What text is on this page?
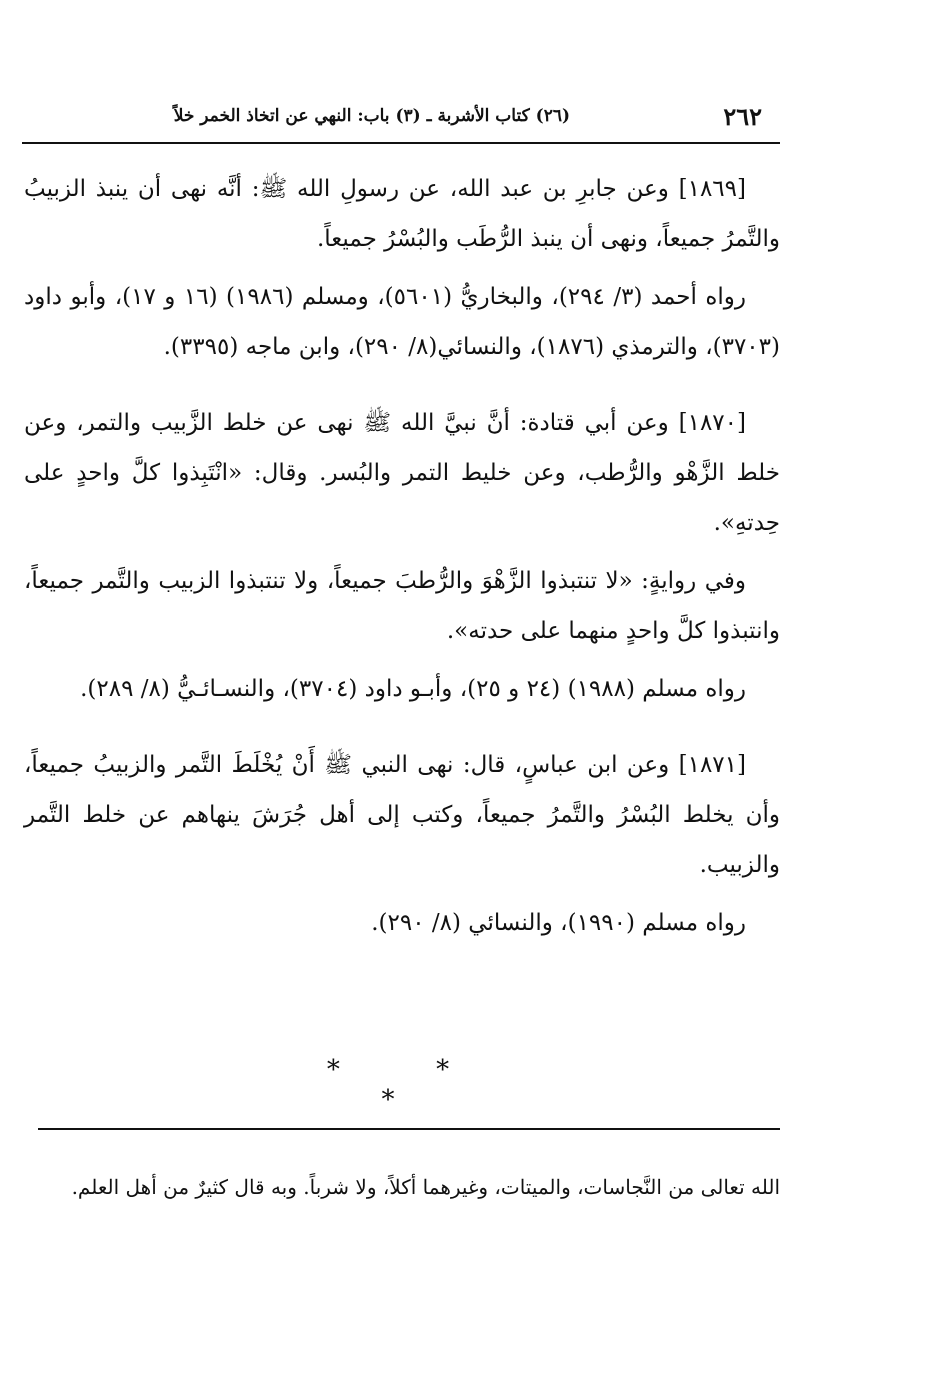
٢٦٢
(٢٦) كتاب الأشربة ـ (٣) باب: النهي عن اتخاذ الخمر خلاً

[١٨٦٩] وعن جابرِ بن عبد الله، عن رسولِ الله ﷺ: أنَّه نهى أن ينبذ الزبيبُ والتَّمرُ جميعاً، ونهى أن ينبذ الرُّطَب والبُسْرُ جميعاً.

رواه أحمد (٣/ ٢٩٤)، والبخاريُّ (٥٦٠١)، ومسلم (١٩٨٦) (١٦ و ١٧)، وأبو داود (٣٧٠٣)، والترمذي (١٨٧٦)، والنسائي(٨/ ٢٩٠)، وابن ماجه (٣٣٩٥).

[١٨٧٠] وعن أبي قتادة: أنَّ نبيَّ الله ﷺ نهى عن خلط الزَّبيب والتمر، وعن خلط الزَّهْو والرُّطب، وعن خليط التمر والبُسر. وقال: «انْتَبِذوا كلَّ واحدٍ على حِدتهِ».

وفي روايةٍ: «لا تنتبذوا الزَّهْوَ والرُّطبَ جميعاً، ولا تنتبذوا الزبيب والتَّمر جميعاً، وانتبذوا كلَّ واحدٍ منهما على حدته».

رواه مسلم (١٩٨٨) (٢٤ و ٢٥)، وأبـو داود (٣٧٠٤)، والنسـائـيُّ (٨/ ٢٨٩).

[١٨٧١] وعن ابن عباسٍ، قال: نهى النبي ﷺ أَنْ يُخْلَطَ التَّمر والزبيبُ جميعاً، وأن يخلط البُسْرُ والتَّمرُ جميعاً، وكتب إلى أهل جُرَشَ ينهاهم عن خلط التَّمر والزبيب.

رواه مسلم (١٩٩٠)، والنسائي (٨/ ٢٩٠).

* * *

الله تعالى من النَّجاسات، والميتات، وغيرهما أكلاً، ولا شرباً. وبه قال كثيرٌ من أهل العلم.
